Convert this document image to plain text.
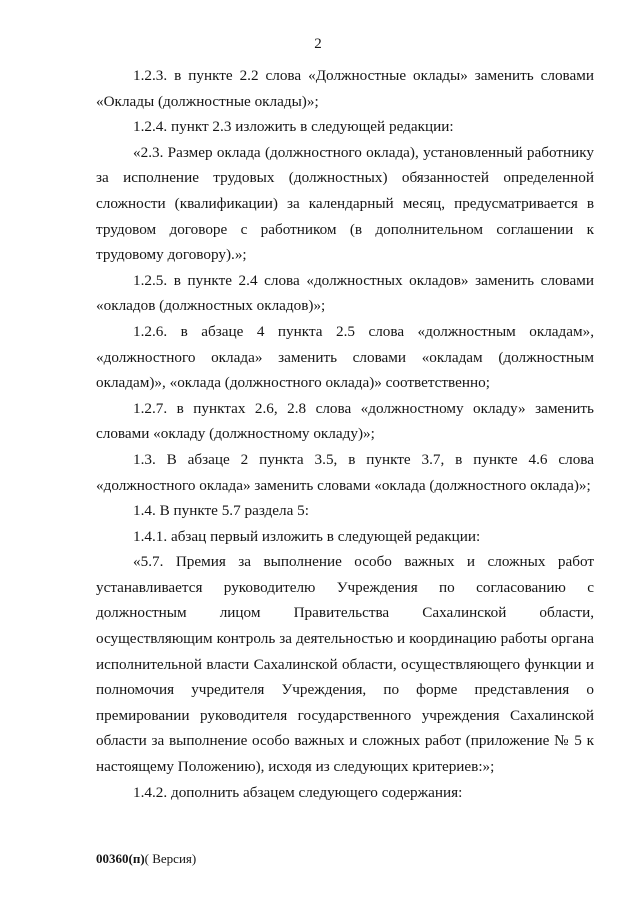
2

1.2.3. в пункте 2.2 слова «Должностные оклады» заменить словами «Оклады (должностные оклады)»;

1.2.4. пункт 2.3 изложить в следующей редакции:

«2.3. Размер оклада (должностного оклада), установленный работнику за исполнение трудовых (должностных) обязанностей определенной сложности (квалификации) за календарный месяц, предусматривается в трудовом договоре с работником (в дополнительном соглашении к трудовому договору).»;

1.2.5. в пункте 2.4 слова «должностных окладов» заменить словами «окладов (должностных окладов)»;

1.2.6. в абзаце 4 пункта 2.5 слова «должностным окладам», «должностного оклада» заменить словами «окладам (должностным окладам)», «оклада (должностного оклада)» соответственно;

1.2.7. в пунктах 2.6, 2.8 слова «должностному окладу» заменить словами «окладу (должностному окладу)»;

1.3. В абзаце 2 пункта 3.5, в пункте 3.7, в пункте 4.6 слова «должностного оклада» заменить словами «оклада (должностного оклада)»;

1.4. В пункте 5.7 раздела 5:

1.4.1. абзац первый изложить в следующей редакции:

«5.7. Премия за выполнение особо важных и сложных работ устанавливается руководителю Учреждения по согласованию с должностным лицом Правительства Сахалинской области, осуществляющим контроль за деятельностью и координацию работы органа исполнительной власти Сахалинской области, осуществляющего функции и полномочия учредителя Учреждения, по форме представления о премировании руководителя государственного учреждения Сахалинской области за выполнение особо важных и сложных работ (приложение № 5 к настоящему Положению), исходя из следующих критериев:»;

1.4.2. дополнить абзацем следующего содержания:

00360(п)( Версия)
